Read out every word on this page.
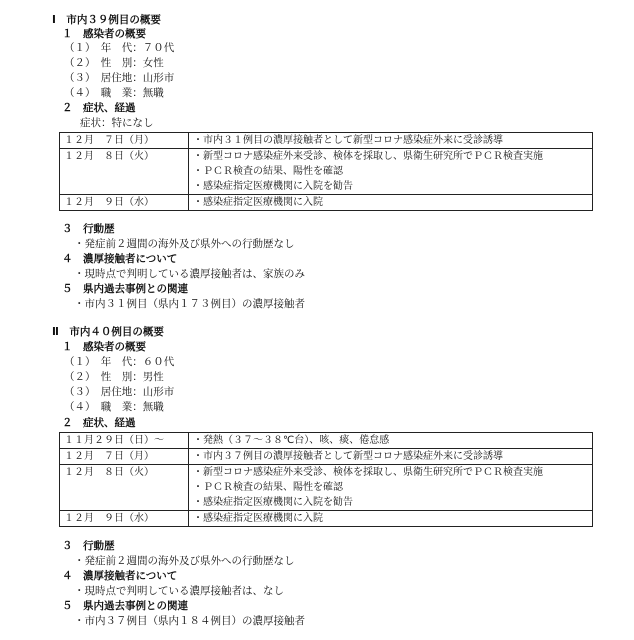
Ⅰ　市内３９例目の概要
１　感染者の概要
（１）　年　代：７０代
（２）　性　別：女性
（３）　居住地：山形市
（４）　職　業：無職
２　症状、経過
症状：特になし
１２月　７日（月）	・市内３１例目の濃厚接触者として新型コロナ感染症外来に受診誘導
１２月　８日（火）	・新型コロナ感染症外来受診、検体を採取し、県衛生研究所でＰＣＲ検査実施
	・ＰＣＲ検査の結果、陽性を確認
	・感染症指定医療機関に入院を勧告
１２月　９日（水）	・感染症指定医療機関に入院
３　行動歴
・発症前２週間の海外及び県外への行動歴なし
４　濃厚接触者について
・現時点で判明している濃厚接触者は、家族のみ
５　県内過去事例との関連
・市内３１例目（県内１７３例目）の濃厚接触者
Ⅱ　市内４０例目の概要
１　感染者の概要
（１）　年　代：６０代
（２）　性　別：男性
（３）　居住地：山形市
（４）　職　業：無職
２　症状、経過
１１月２９日（日）～	・発熱（３７～３８℃台）、咳、痰、倦怠感
１２月　７日（月）	・市内３７例目の濃厚接触者として新型コロナ感染症外来に受診誘導
１２月　８日（火）	・新型コロナ感染症外来受診、検体を採取し、県衛生研究所でＰＣＲ検査実施
	・ＰＣＲ検査の結果、陽性を確認
	・感染症指定医療機関に入院を勧告
１２月　９日（水）	・感染症指定医療機関に入院
３　行動歴
・発症前２週間の海外及び県外への行動歴なし
４　濃厚接触者について
・現時点で判明している濃厚接触者は、なし
５　県内過去事例との関連
・市内３７例目（県内１８４例目）の濃厚接触者
